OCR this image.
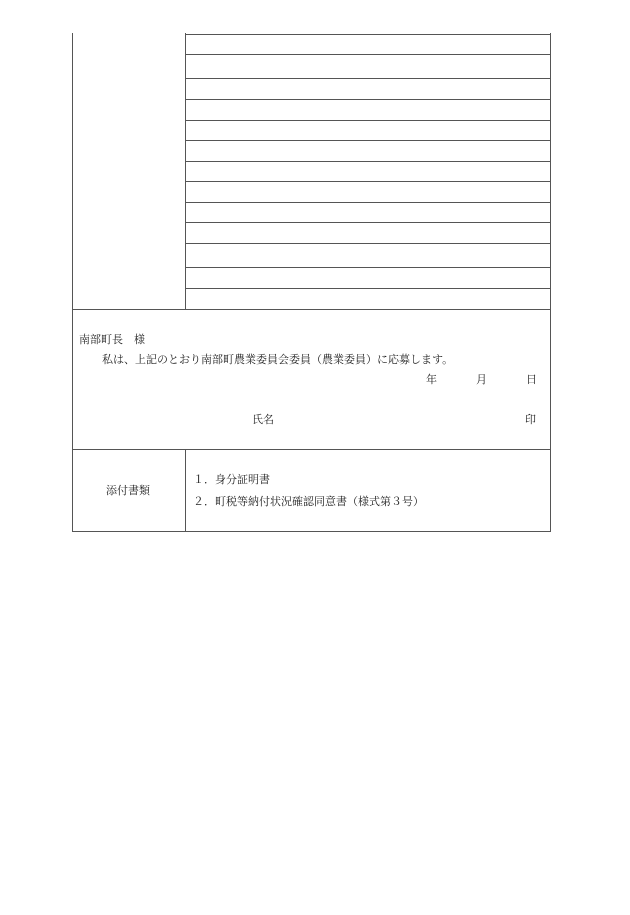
南部町長　様
私は、上記のとおり南部町農業委員会委員（農業委員）に応募します。
年	月	日
氏名	印
添付書類
１．身分証明書
２．町税等納付状況確認同意書（様式第３号）
